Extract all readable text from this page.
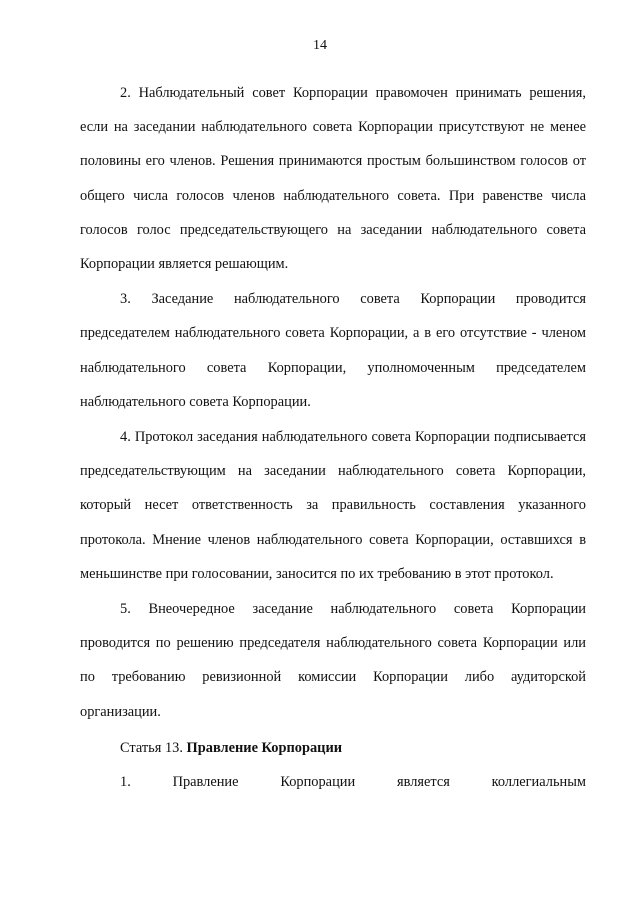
14

2. Наблюдательный совет Корпорации правомочен принимать решения, если на заседании наблюдательного совета Корпорации присутствуют не менее половины его членов. Решения принимаются простым большинством голосов от общего числа голосов членов наблюдательного совета. При равенстве числа голосов голос председательствующего на заседании наблюдательного совета Корпорации является решающим.

3. Заседание наблюдательного совета Корпорации проводится председателем наблюдательного совета Корпорации, а в его отсутствие - членом наблюдательного совета Корпорации, уполномоченным председателем наблюдательного совета Корпорации.

4. Протокол заседания наблюдательного совета Корпорации подписывается председательствующим на заседании наблюдательного совета Корпорации, который несет ответственность за правильность составления указанного протокола. Мнение членов наблюдательного совета Корпорации, оставшихся в меньшинстве при голосовании, заносится по их требованию в этот протокол.

5. Внеочередное заседание наблюдательного совета Корпорации проводится по решению председателя наблюдательного совета Корпорации или по требованию ревизионной комиссии Корпорации либо аудиторской организации.

Статья 13. Правление Корпорации

1. Правление Корпорации является коллегиальным
